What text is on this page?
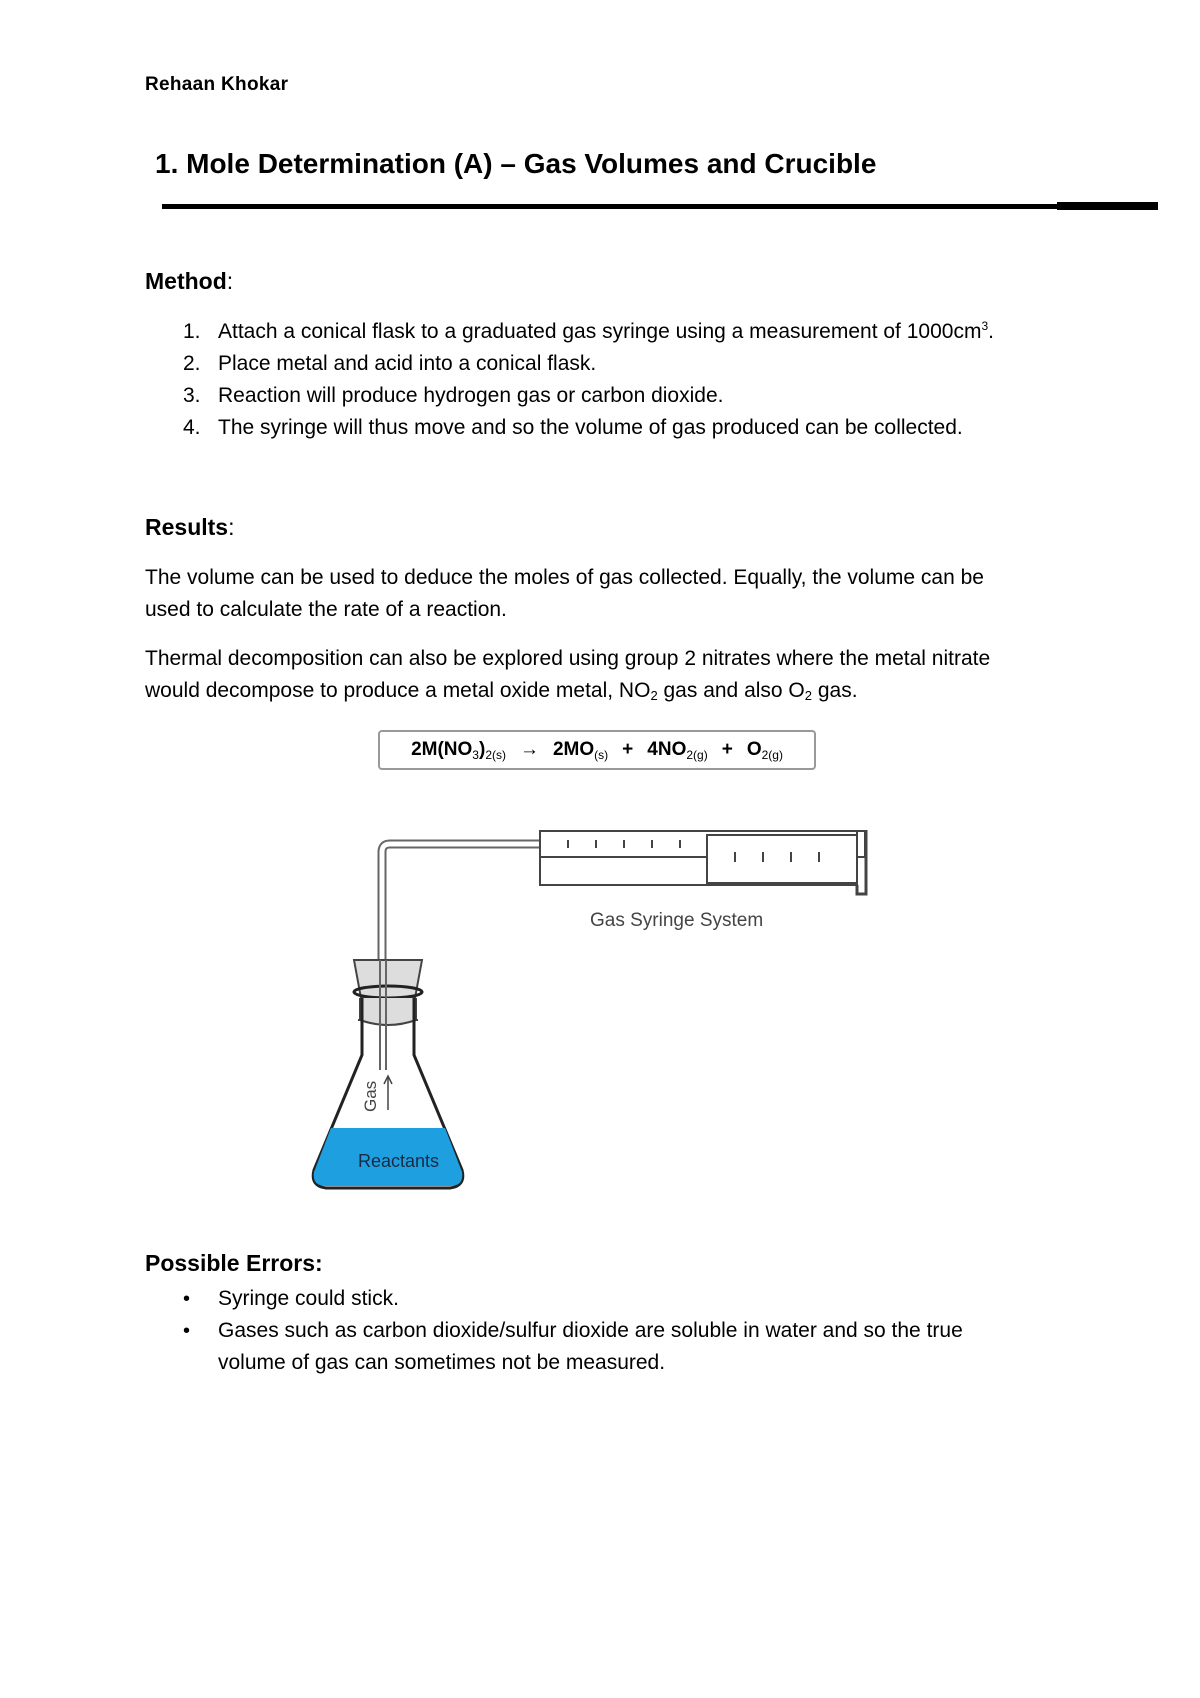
Rehaan Khokar
1. Mole Determination (A) – Gas Volumes and Crucible
Method:
1. Attach a conical flask to a graduated gas syringe using a measurement of $1000cm^3$.
2. Place metal and acid into a conical flask.
3. Reaction will produce hydrogen gas or carbon dioxide.
4. The syringe will thus move and so the volume of gas produced can be collected.
Results:
The volume can be used to deduce the moles of gas collected. Equally, the volume can be
used to calculate the rate of a reaction.
Thermal decomposition can also be explored using group 2 nitrates where the metal nitrate
would decompose to produce a metal oxide metal, $NO_2$ gas and also $O_2$ gas.
$2M(NO_3)_{2(s)} \to 2MO_{(s)} + 4NO_{2(g)} + O_{2(g)}$
Gas Syringe System
Gas
Reactants
Possible Errors:
• Syringe could stick.
• Gases such as carbon dioxide/sulfur dioxide are soluble in water and so the true
volume of gas can sometimes not be measured.
